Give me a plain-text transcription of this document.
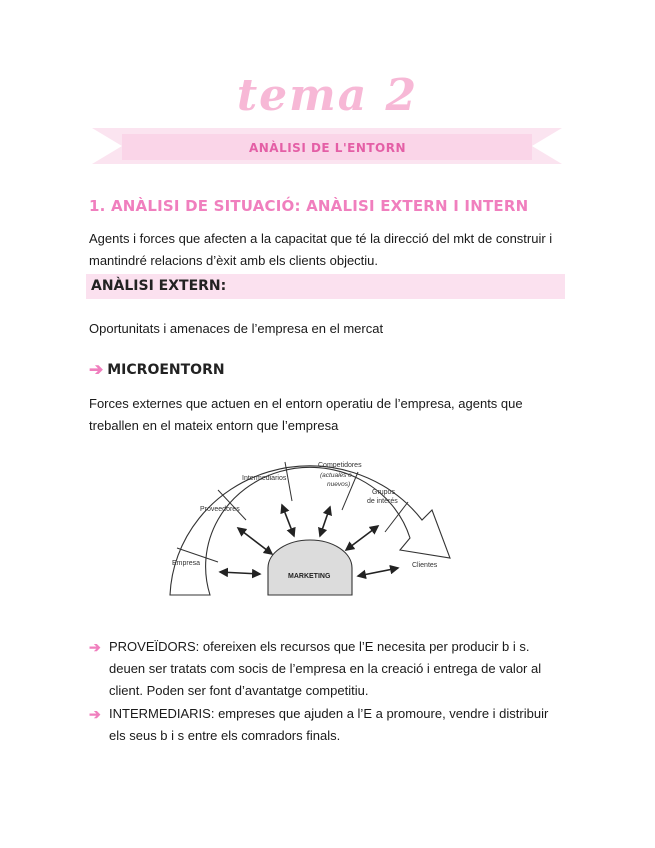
tema 2
ANÀLISI DE L'ENTORN
1. ANÀLISI DE SITUACIÓ: ANÀLISI EXTERN I INTERN
Agents i forces que afecten a la capacitat que té la direcció del mkt de construir i mantindré relacions d’èxit amb els clients objectiu.
ANÀLISI EXTERN:
Oportunitats i amenaces de l’empresa en el mercat
➔ MICROENTORN
Forces externes que actuen en el entorn operatiu de l’empresa, agents que treballen en el mateix entorn que l’empresa
Empresa
Proveedores
Intermediarios
Competidores
(actuales o
nuevos)
Grupos
de interés
Clientes
MARKETING
➔ PROVEÏDORS: ofereixen els recursos que l’E necesita per producir b i s. deuen ser tratats com socis de l’empresa en la creació i entrega de valor al client. Poden ser font d’avantatge competitiu.
➔ INTERMEDIARIS: empreses que ajuden a l’E a promoure, vendre i distribuir els seus b i s entre els comradors finals.
